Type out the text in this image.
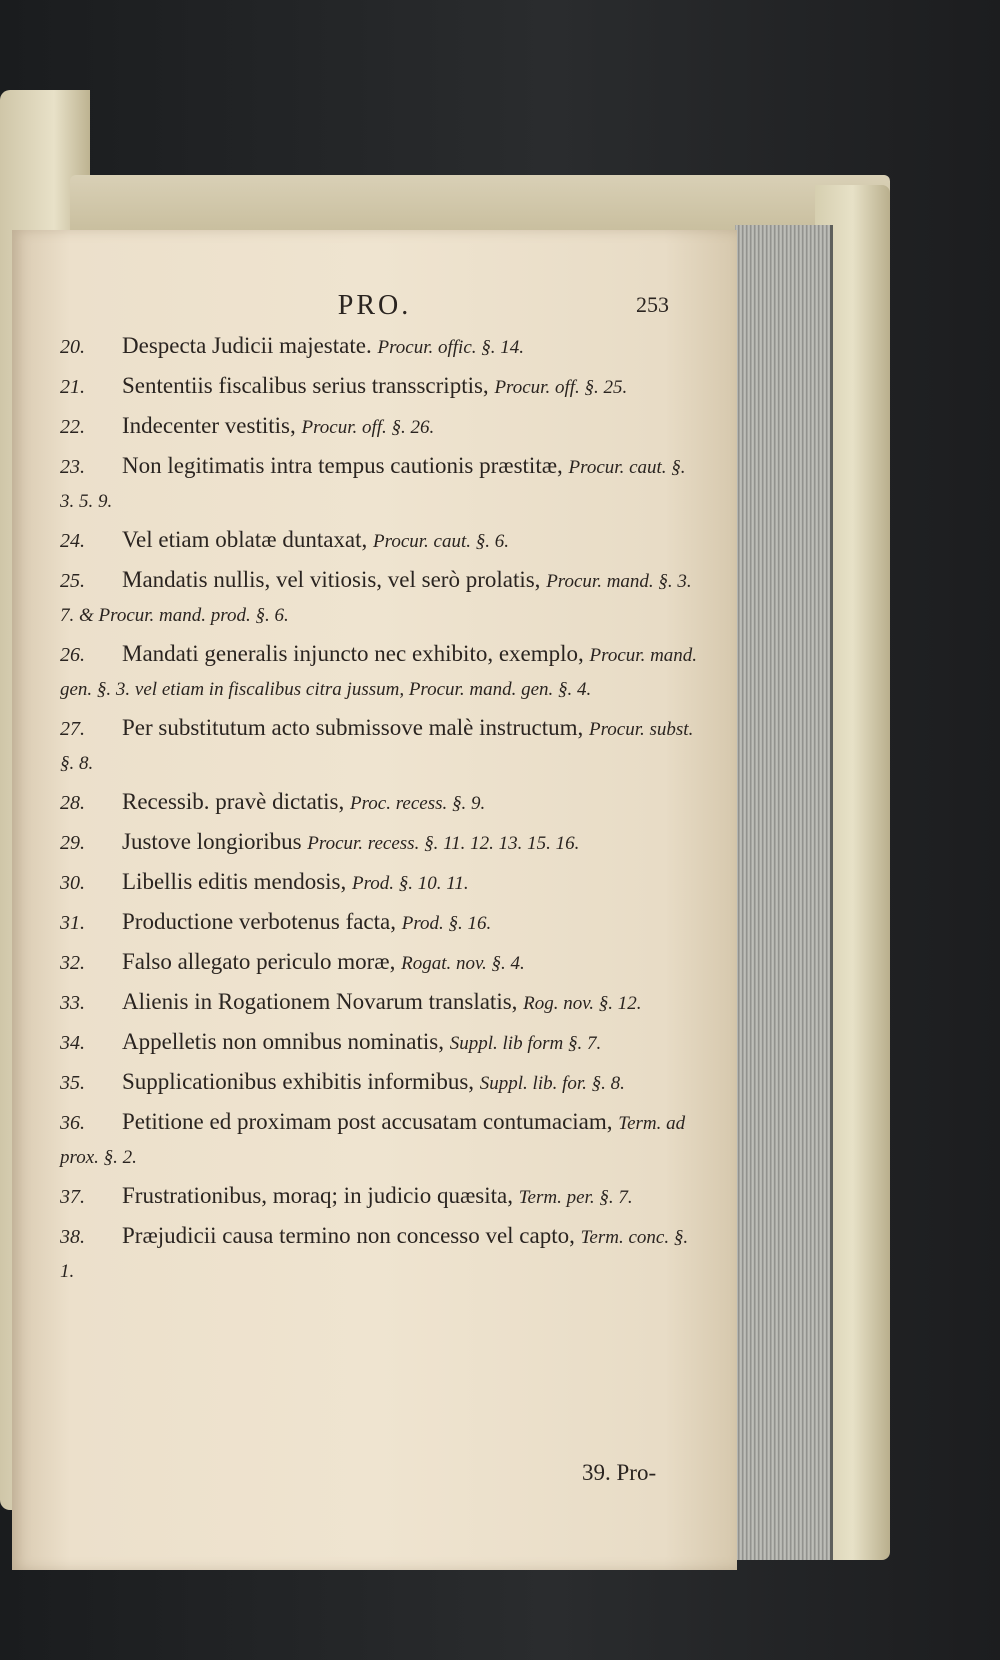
PRO.	253

20. Despecta Judicii majestate. Procur. offic. §. 14.

21. Sententiis fiscalibus serius transscriptis, Procur. off. §. 25.

22. Indecenter vestitis, Procur. off. §. 26.

23. Non legitimatis intra tempus cautionis præstitæ, Procur. caut. §. 3. 5. 9.

24. Vel etiam oblatæ duntaxat, Procur. caut. §. 6.

25. Mandatis nullis, vel vitiosis, vel serò prolatis, Procur. mand. §. 3. 7. & Procur. mand. prod. §. 6.

26. Mandati generalis injuncto nec exhibito, exemplo, Procur. mand. gen. §. 3. vel etiam in fiscalibus citra jussum, Procur. mand. gen. §. 4.

27. Per substitutum acto submissove malè instructum, Procur. subst. §. 8.

28. Recessib. pravè dictatis, Proc. recess. §. 9.

29. Justove longioribus Procur. recess. §. 11. 12. 13. 15. 16.

30. Libellis editis mendosis, Prod. §. 10. 11.

31. Productione verbotenus facta, Prod. §. 16.

32. Falso allegato periculo moræ, Rogat. nov. §. 4.

33. Alienis in Rogationem Novarum translatis, Rog. nov. §. 12.

34. Appelletis non omnibus nominatis, Suppl. lib form §. 7.

35. Supplicationibus exhibitis informibus, Suppl. lib. for. §. 8.

36. Petitione ed proximam post accusatam contumaciam, Term. ad prox. §. 2.

37. Frustrationibus, moraq; in judicio quæsita, Term. per. §. 7.

38. Præjudicii causa termino non concesso vel capto, Term. conc. §. 1.

39. Pro-
